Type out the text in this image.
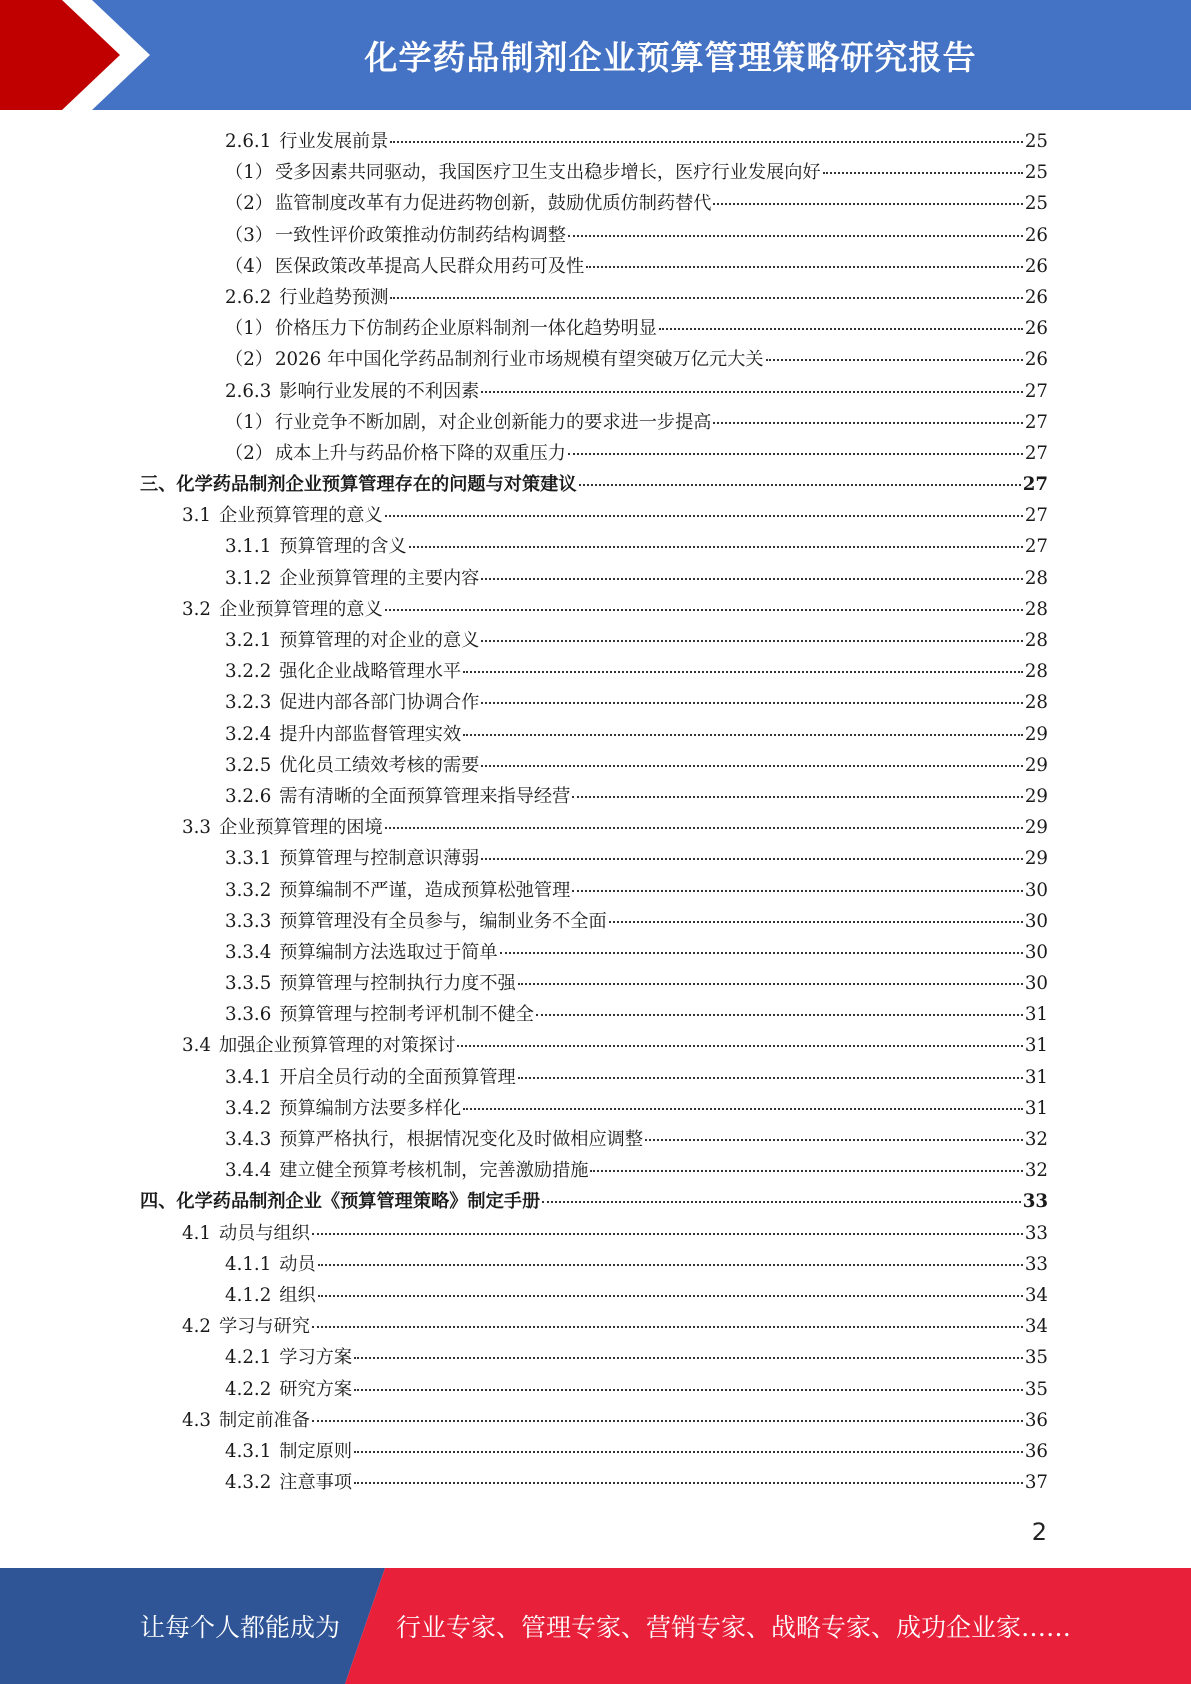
化学药品制剂企业预算管理策略研究报告
2.6.1 行业发展前景	25
（1） 受多因素共同驱动，我国医疗卫生支出稳步增长，医疗行业发展向好	25
（2） 监管制度改革有力促进药物创新，鼓励优质仿制药替代	25
（3） 一致性评价政策推动仿制药结构调整	26
（4） 医保政策改革提高人民群众用药可及性	26
2.6.2 行业趋势预测	26
（1） 价格压力下仿制药企业原料制剂一体化趋势明显	26
（2） 2026 年中国化学药品制剂行业市场规模有望突破万亿元大关	26
2.6.3 影响行业发展的不利因素	27
（1） 行业竞争不断加剧，对企业创新能力的要求进一步提高	27
（2） 成本上升与药品价格下降的双重压力	27
三、 化学药品制剂企业预算管理存在的问题与对策建议	27
3.1 企业预算管理的意义	27
3.1.1 预算管理的含义	27
3.1.2 企业预算管理的主要内容	28
3.2 企业预算管理的意义	28
3.2.1 预算管理的对企业的意义	28
3.2.2 强化企业战略管理水平	28
3.2.3 促进内部各部门协调合作	28
3.2.4 提升内部监督管理实效	29
3.2.5 优化员工绩效考核的需要	29
3.2.6 需有清晰的全面预算管理来指导经营	29
3.3 企业预算管理的困境	29
3.3.1 预算管理与控制意识薄弱	29
3.3.2 预算编制不严谨，造成预算松弛管理	30
3.3.3 预算管理没有全员参与，编制业务不全面	30
3.3.4 预算编制方法选取过于简单	30
3.3.5 预算管理与控制执行力度不强	30
3.3.6 预算管理与控制考评机制不健全	31
3.4 加强企业预算管理的对策探讨	31
3.4.1 开启全员行动的全面预算管理	31
3.4.2 预算编制方法要多样化	31
3.4.3 预算严格执行，根据情况变化及时做相应调整	32
3.4.4 建立健全预算考核机制，完善激励措施	32
四、 化学药品制剂企业《预算管理策略》制定手册	33
4.1 动员与组织	33
4.1.1 动员	33
4.1.2 组织	34
4.2 学习与研究	34
4.2.1 学习方案	35
4.2.2 研究方案	35
4.3 制定前准备	36
4.3.1 制定原则	36
4.3.2 注意事项	37
2
让每个人都能成为 行业专家、管理专家、营销专家、战略专家、成功企业家……
